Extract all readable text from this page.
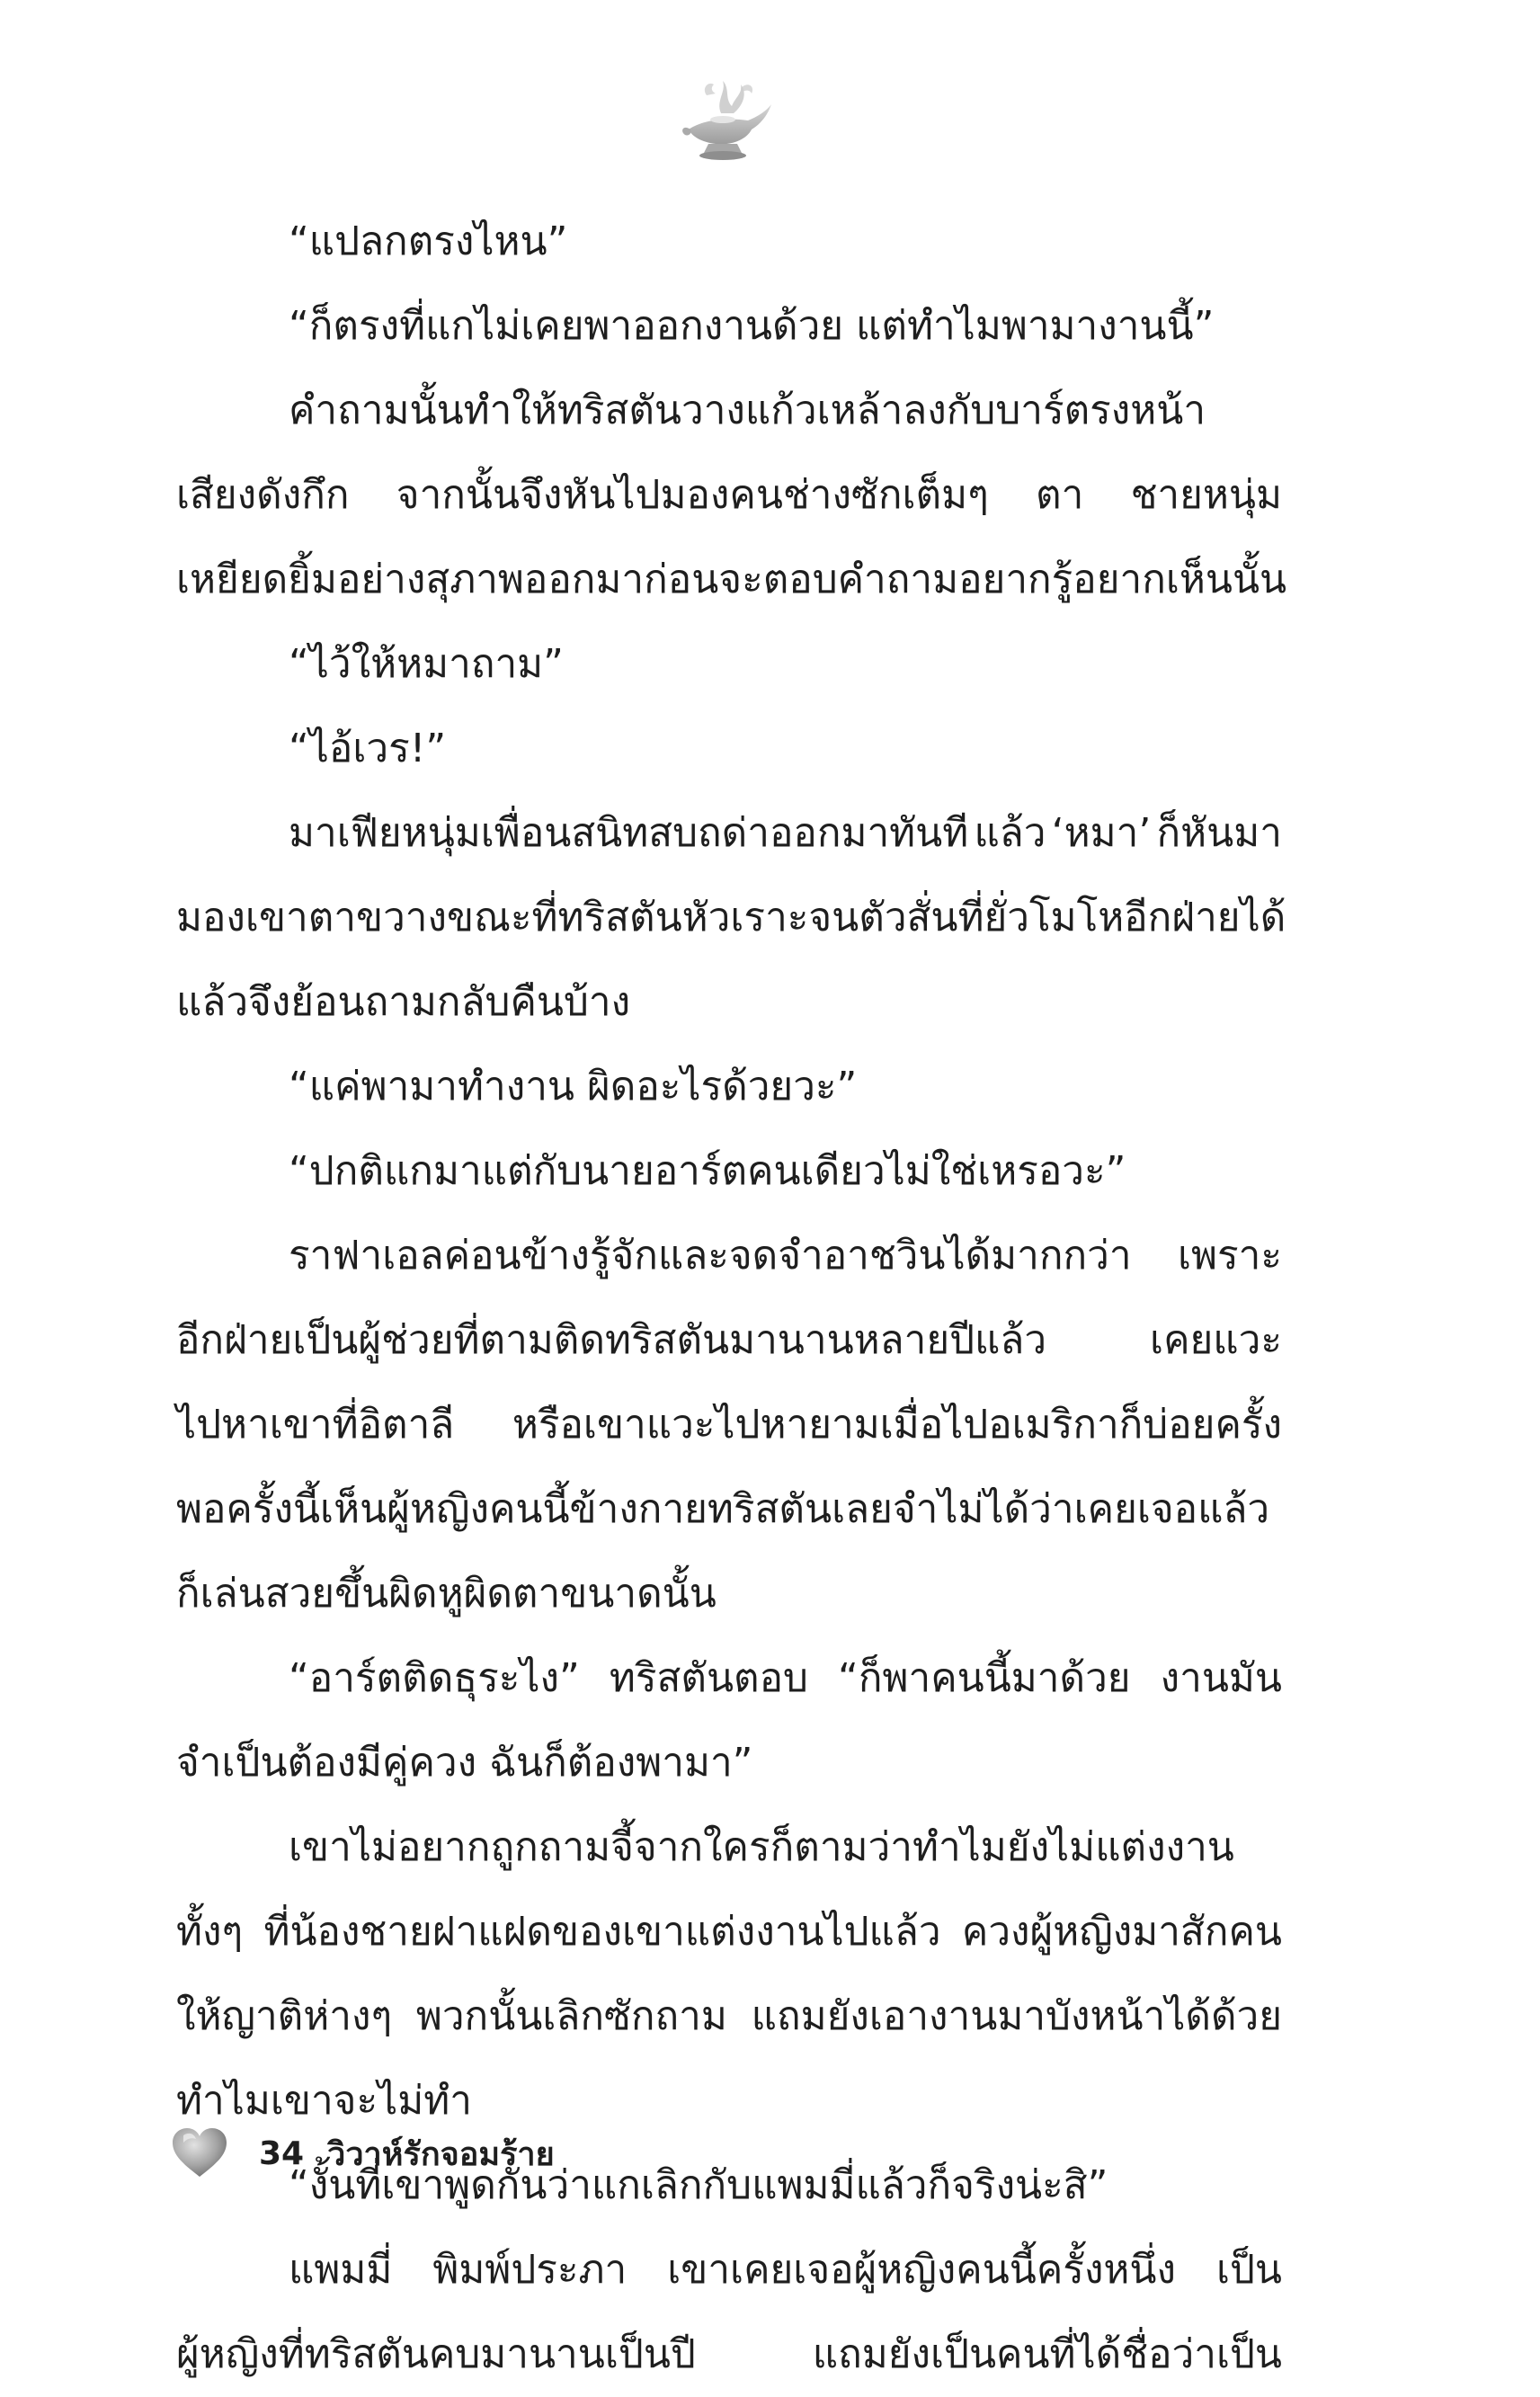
“แปลกตรงไหน”
“ก็ตรงที่แกไม่เคยพาออกงานด้วย แต่ทำไมพามางานนี้”
คำถามนั้นทำให้ทริสตันวางแก้วเหล้าลงกับบาร์ตรงหน้า
เสียงดังกึก จากนั้นจึงหันไปมองคนช่างซักเต็มๆ ตา ชายหนุ่ม
เหยียดยิ้มอย่างสุภาพออกมาก่อนจะตอบคำถามอยากรู้อยากเห็นนั้น
“ไว้ให้หมาถาม”
“ไอ้เวร!”
มาเฟียหนุ่มเพื่อนสนิทสบถด่าออกมาทันที แล้ว ‘หมา’ ก็หันมา
มองเขาตาขวาง ขณะที่ทริสตันหัวเราะจนตัวสั่นที่ยั่วโมโหอีกฝ่ายได้
แล้วจึงย้อนถามกลับคืนบ้าง
“แค่พามาทำงาน ผิดอะไรด้วยวะ”
“ปกติแกมาแต่กับนายอาร์ตคนเดียวไม่ใช่เหรอวะ”
ราฟาเอลค่อนข้างรู้จักและจดจำอาชวินได้มากกว่า เพราะ
อีกฝ่ายเป็นผู้ช่วยที่ตามติดทริสตันมานานหลายปีแล้ว	เคยแวะ
ไปหาเขาที่อิตาลี หรือเขาแวะไปหายามเมื่อไปอเมริกาก็บ่อยครั้ง
พอครั้งนี้เห็นผู้หญิงคนนี้ข้างกายทริสตันเลยจำไม่ได้ว่าเคยเจอแล้ว
ก็เล่นสวยขึ้นผิดหูผิดตาขนาดนั้น
“อาร์ตติดธุระไง” ทริสตันตอบ “ก็พาคนนี้มาด้วย งานมัน
จำเป็นต้องมีคู่ควง ฉันก็ต้องพามา”
เขาไม่อยากถูกถามจี้จากใครก็ตามว่าทำไมยังไม่แต่งงาน
ทั้งๆ ที่น้องชายฝาแฝดของเขาแต่งงานไปแล้ว ควงผู้หญิงมาสักคน
ให้ญาติห่างๆ พวกนั้นเลิกซักถาม แถมยังเอางานมาบังหน้าได้ด้วย
ทำไมเขาจะไม่ทำ
“งั้นที่เขาพูดกันว่าแกเลิกกับแพมมี่แล้วก็จริงน่ะสิ”
แพมมี่ พิมพ์ประภา เขาเคยเจอผู้หญิงคนนี้ครั้งหนึ่ง เป็น
ผู้หญิงที่ทริสตันคบมานานเป็นปี	แถมยังเป็นคนที่ได้ชื่อว่าเป็น
34 วิวาห์รักจอมร้าย
